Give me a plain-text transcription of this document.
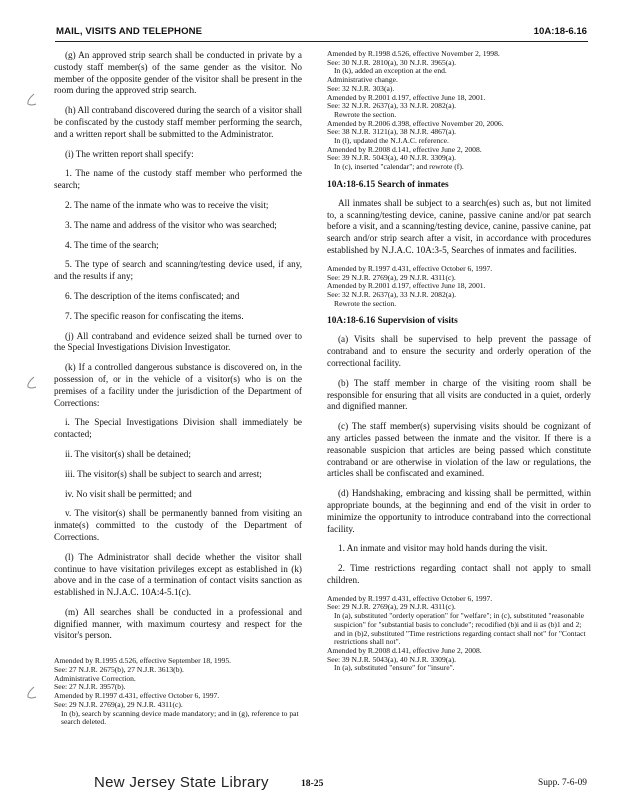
MAIL, VISITS AND TELEPHONE	10A:18-6.16

(g) An approved strip search shall be conducted in private by a custody staff member(s) of the same gender as the visitor. No member of the opposite gender of the visitor shall be present in the room during the approved strip search.

(h) All contraband discovered during the search of a visitor shall be confiscated by the custody staff member performing the search, and a written report shall be submitted to the Administrator.

(i) The written report shall specify:

1. The name of the custody staff member who performed the search;

2. The name of the inmate who was to receive the visit;

3. The name and address of the visitor who was searched;

4. The time of the search;

5. The type of search and scanning/testing device used, if any, and the results if any;

6. The description of the items confiscated; and

7. The specific reason for confiscating the items.

(j) All contraband and evidence seized shall be turned over to the Special Investigations Division Investigator.

(k) If a controlled dangerous substance is discovered on, in the possession of, or in the vehicle of a visitor(s) who is on the premises of a facility under the jurisdiction of the Department of Corrections:

i. The Special Investigations Division shall immediately be contacted;

ii. The visitor(s) shall be detained;

iii. The visitor(s) shall be subject to search and arrest;

iv. No visit shall be permitted; and

v. The visitor(s) shall be permanently banned from visiting an inmate(s) committed to the custody of the Department of Corrections.

(l) The Administrator shall decide whether the visitor shall continue to have visitation privileges except as established in (k) above and in the case of a termination of contact visits sanction as established in N.J.A.C. 10A:4-5.1(c).

(m) All searches shall be conducted in a professional and dignified manner, with maximum courtesy and respect for the visitor's person.

Amended by R.1995 d.526, effective September 18, 1995.

See: 27 N.J.R. 2675(b), 27 N.J.R. 3613(b).

Administrative Correction.

See: 27 N.J.R. 3957(b).

Amended by R.1997 d.431, effective October 6, 1997.

See: 29 N.J.R. 2769(a), 29 N.J.R. 4311(c).

In (b), search by scanning device made mandatory; and in (g), reference to pat search deleted.

Amended by R.1998 d.526, effective November 2, 1998.

See: 30 N.J.R. 2810(a), 30 N.J.R. 3965(a).

In (k), added an exception at the end.

Administrative change.

See: 32 N.J.R. 303(a).

Amended by R.2001 d.197, effective June 18, 2001.

See: 32 N.J.R. 2637(a), 33 N.J.R. 2082(a).

Rewrote the section.

Amended by R.2006 d.398, effective November 20, 2006.

See: 38 N.J.R. 3121(a), 38 N.J.R. 4867(a).

In (l), updated the N.J.A.C. reference.

Amended by R.2008 d.141, effective June 2, 2008.

See: 39 N.J.R. 5043(a), 40 N.J.R. 3309(a).

In (c), inserted "calendar"; and rewrote (f).

10A:18-6.15 Search of inmates

All inmates shall be subject to a search(es) such as, but not limited to, a scanning/testing device, canine, passive canine and/or pat search before a visit, and a scanning/testing device, canine, passive canine, pat search and/or strip search after a visit, in accordance with procedures established by N.J.A.C. 10A:3-5, Searches of inmates and facilities.

Amended by R.1997 d.431, effective October 6, 1997.

See: 29 N.J.R. 2769(a), 29 N.J.R. 4311(c).

Amended by R.2001 d.197, effective June 18, 2001.

See: 32 N.J.R. 2637(a), 33 N.J.R. 2082(a).

Rewrote the section.

10A:18-6.16 Supervision of visits

(a) Visits shall be supervised to help prevent the passage of contraband and to ensure the security and orderly operation of the correctional facility.

(b) The staff member in charge of the visiting room shall be responsible for ensuring that all visits are conducted in a quiet, orderly and dignified manner.

(c) The staff member(s) supervising visits should be cognizant of any articles passed between the inmate and the visitor. If there is a reasonable suspicion that articles are being passed which constitute contraband or are otherwise in violation of the law or regulations, the articles shall be confiscated and examined.

(d) Handshaking, embracing and kissing shall be permitted, within appropriate bounds, at the beginning and end of the visit in order to minimize the opportunity to introduce contraband into the correctional facility.

1. An inmate and visitor may hold hands during the visit.

2. Time restrictions regarding contact shall not apply to small children.

Amended by R.1997 d.431, effective October 6, 1997.

See: 29 N.J.R. 2769(a), 29 N.J.R. 4311(c).

In (a), substituted "orderly operation" for "welfare"; in (c), substituted "reasonable suspicion" for "substantial basis to conclude"; recodified (b)i and ii as (b)1 and 2; and in (b)2, substituted "Time restrictions regarding contact shall not" for "Contact restrictions shall not".

Amended by R.2008 d.141, effective June 2, 2008.

See: 39 N.J.R. 5043(a), 40 N.J.R. 3309(a).

In (a), substituted "ensure" for "insure".

New Jersey State Library	18-25	Supp. 7-6-09
